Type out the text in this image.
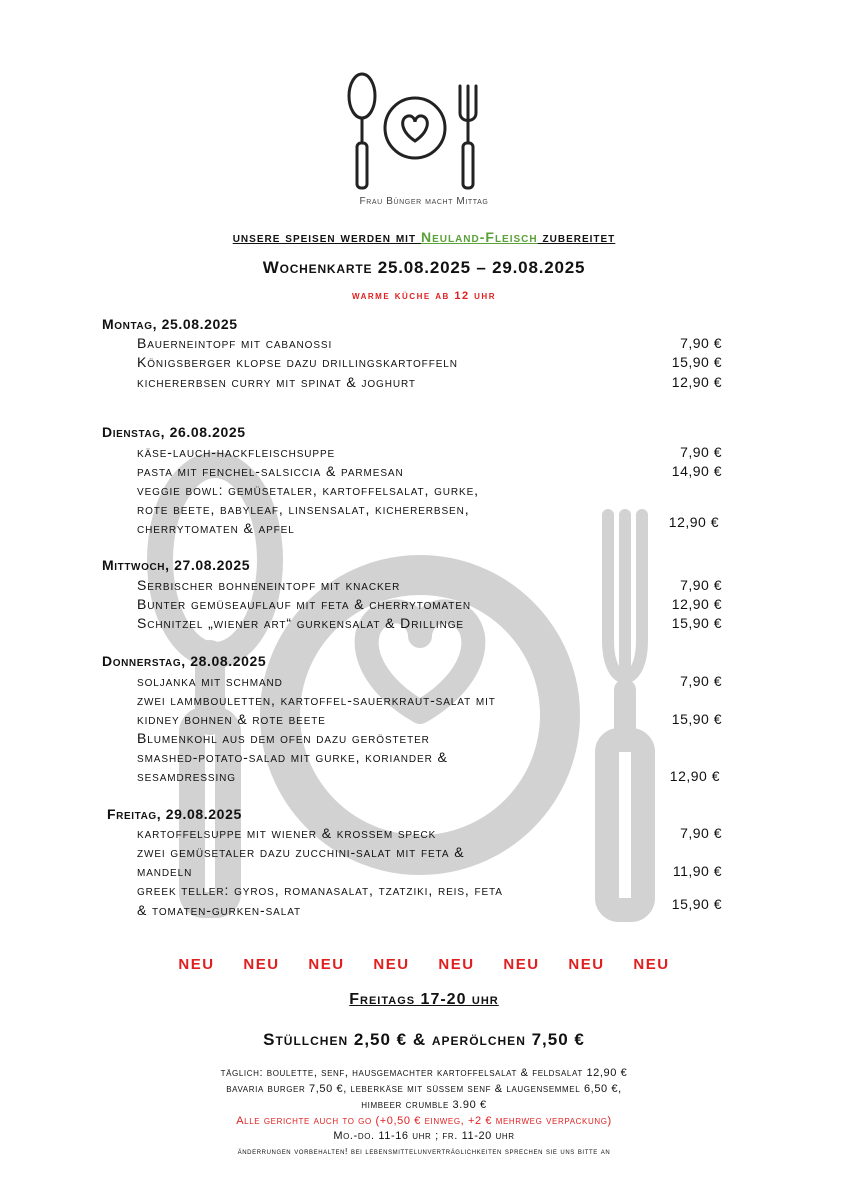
Frau Bünger macht Mittag
unsere speisen werden mit Neuland-Fleisch zubereitet
Wochenkarte 25.08.2025 – 29.08.2025
warme küche ab 12 uhr
Montag, 25.08.2025
Bauerneintopf mit cabanossi	7,90 €
Königsberger klopse dazu drillingskartoffeln	15,90 €
kichererbsen curry mit spinat & joghurt	12,90 €
Dienstag, 26.08.2025
käse-lauch-hackfleischsuppe	7,90 €
pasta mit fenchel-salsiccia & parmesan	14,90 €
veggie bowl: gemüsetaler, kartoffelsalat, gurke,
rote beete, babyleaf, linsensalat, kichererbsen,
cherrytomaten & apfel	12,90 €
Mittwoch, 27.08.2025
Serbischer bohneneintopf mit knacker	7,90 €
Bunter gemüseauflauf mit feta & cherrytomaten	12,90 €
Schnitzel „wiener art“ gurkensalat & Drillinge	15,90 €
Donnerstag, 28.08.2025
soljanka mit schmand	7,90 €
zwei lammbouletten, kartoffel-sauerkraut-salat mit
kidney bohnen & rote beete	15,90 €
Blumenkohl aus dem ofen dazu gerösteter
smashed-potato-salad mit gurke, koriander &
sesamdressing	12,90 €
Freitag, 29.08.2025
kartoffelsuppe mit wiener & krossem speck	7,90 €
zwei gemüsetaler dazu zucchini-salat mit feta &
mandeln	11,90 €
greek teller: gyros, romanasalat, tzatziki, reis, feta
& tomaten-gurken-salat	15,90 €
NEU NEU NEU NEU NEU NEU NEU NEU
Freitags 17-20 uhr
Stüllchen 2,50 € & aperölchen 7,50 €
täglich: boulette, senf, hausgemachter kartoffelsalat & feldsalat 12,90 €
bavaria burger 7,50 €, leberkäse mit süssem senf & laugensemmel 6,50 €,
himbeer crumble 3.90 €
Alle gerichte auch to go (+0,50 € einweg, +2 € mehrweg verpackung)
Mo.-do. 11-16 uhr ; fr. 11-20 uhr
änderrungen vorbehalten! bei lebensmittelunverträglichkeiten sprechen sie uns bitte an
